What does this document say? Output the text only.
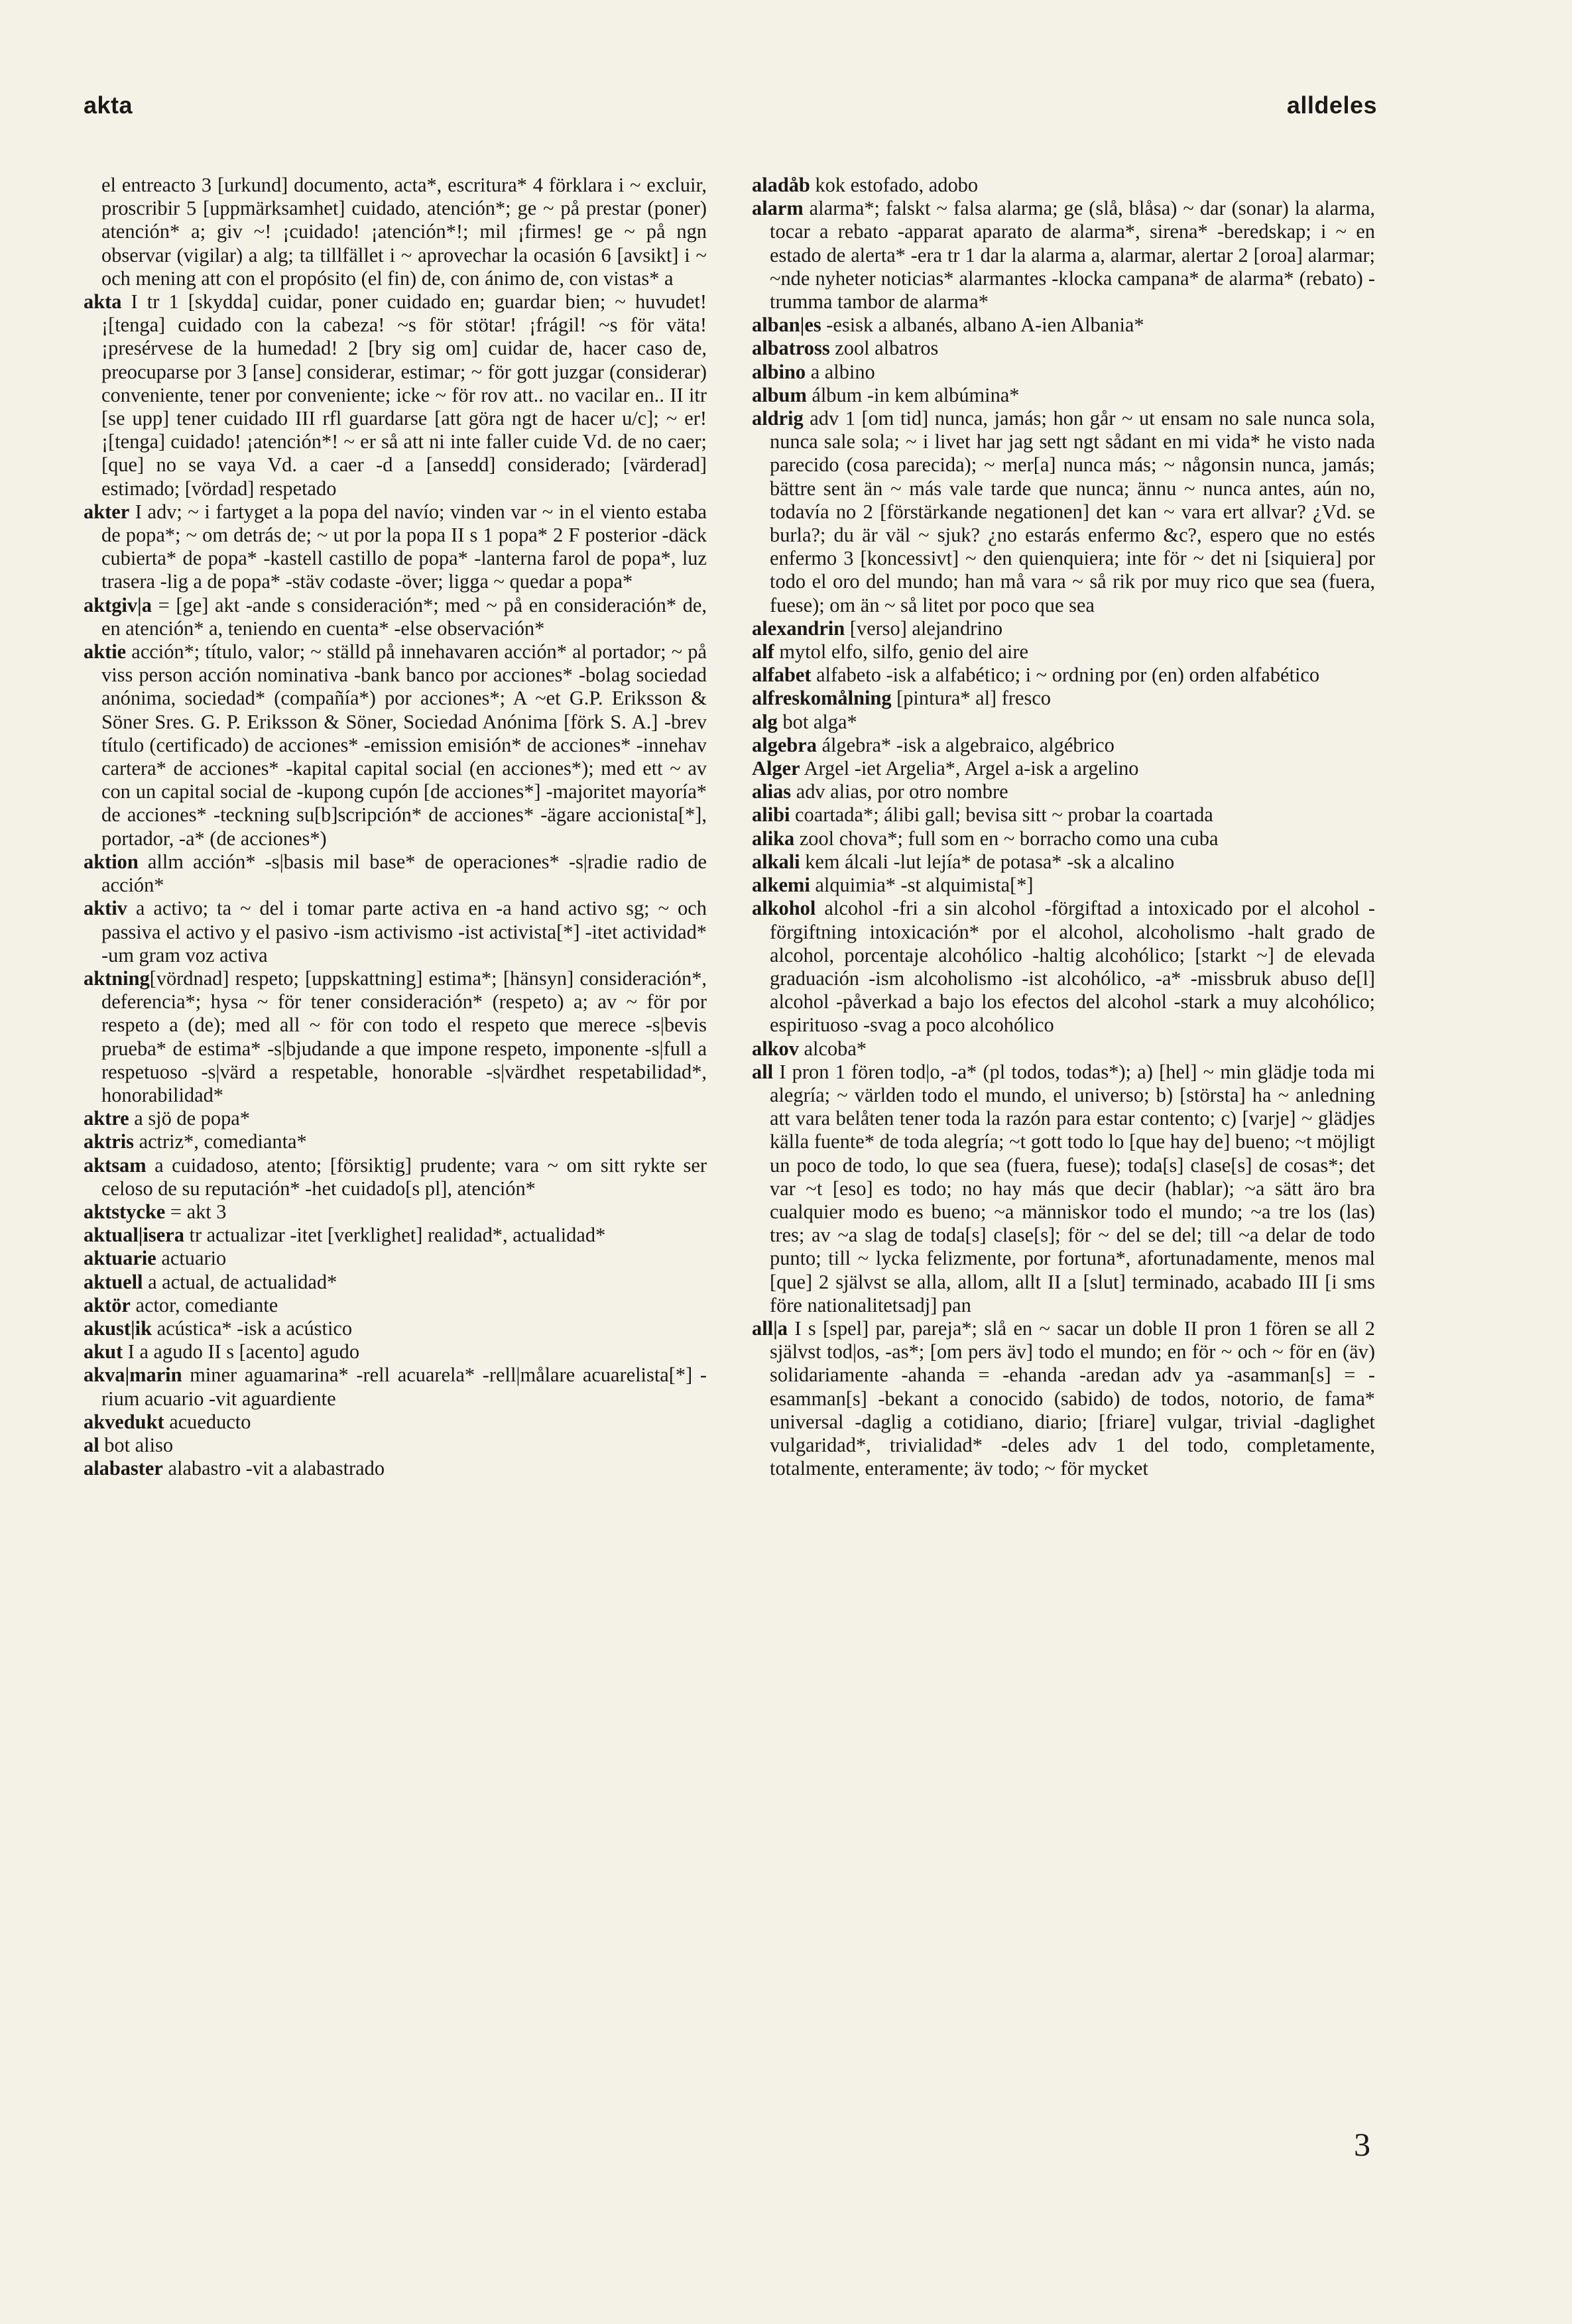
akta	alldeles

el entreacto 3 [urkund] documento, acta*, escritura* 4 förklara i ~ excluir, proscribir 5 [uppmärksamhet] cuidado, atención*; ge ~ på prestar (poner) atención* a; giv ~! ¡cuidado! ¡atención*!; mil ¡firmes! ge ~ på ngn observar (vigilar) a alg; ta tillfället i ~ aprovechar la ocasión 6 [avsikt] i ~ och mening att con el propósito (el fin) de, con ánimo de, con vistas* a

akta I tr 1 [skydda] cuidar, poner cuidado en; guardar bien; ~ huvudet! ¡[tenga] cuidado con la cabeza! ~s för stötar! ¡frágil! ~s för väta! ¡presérvese de la humedad! 2 [bry sig om] cuidar de, hacer caso de, preocuparse por 3 [anse] considerar, estimar; ~ för gott juzgar (considerar) conveniente, tener por conveniente; icke ~ för rov att.. no vacilar en.. II itr [se upp] tener cuidado III rfl guardarse [att göra ngt de hacer u/c]; ~ er! ¡[tenga] cuidado! ¡atención*! ~ er så att ni inte faller cuide Vd. de no caer; [que] no se vaya Vd. a caer -d a [ansedd] considerado; [värderad] estimado; [vördad] respetado

akter I adv; ~ i fartyget a la popa del navío; vinden var ~ in el viento estaba de popa*; ~ om detrás de; ~ ut por la popa II s 1 popa* 2 F posterior -däck cubierta* de popa* -kastell castillo de popa* -lanterna farol de popa*, luz trasera -lig a de popa* -stäv codaste -över; ligga ~ quedar a popa*

aktgiv|a = [ge] akt -ande s consideración*; med ~ på en consideración* de, en atención* a, teniendo en cuenta* -else observación*

aktie acción*; título, valor; ~ ställd på innehavaren acción* al portador; ~ på viss person acción nominativa -bank banco por acciones* -bolag sociedad anónima, sociedad* (compañía*) por acciones*; A ~et G.P. Eriksson & Söner Sres. G. P. Eriksson & Söner, Sociedad Anónima [förk S. A.] -brev título (certificado) de acciones* -emission emisión* de acciones* -innehav cartera* de acciones* -kapital capital social (en acciones*); med ett ~ av con un capital social de -kupong cupón [de acciones*] -majoritet mayoría* de acciones* -teckning su[b]scripción* de acciones* -ägare accionista[*], portador, -a* (de acciones*)

aktion allm acción* -s|basis mil base* de operaciones* -s|radie radio de acción*

aktiv a activo; ta ~ del i tomar parte activa en -a hand activo sg; ~ och passiva el activo y el pasivo -ism activismo -ist activista[*] -itet actividad* -um gram voz activa

aktning[vördnad] respeto; [uppskattning] estima*; [hänsyn] consideración*, deferencia*; hysa ~ för tener consideración* (respeto) a; av ~ för por respeto a (de); med all ~ för con todo el respeto que merece -s|bevis prueba* de estima* -s|bjudande a que impone respeto, imponente -s|full a respetuoso -s|värd a respetable, honorable -s|värdhet respetabilidad*, honorabilidad*

aktre a sjö de popa*

aktris actriz*, comedianta*

aktsam a cuidadoso, atento; [försiktig] prudente; vara ~ om sitt rykte ser celoso de su reputación* -het cuidado[s pl], atención*

aktstycke = akt 3

aktual|isera tr actualizar -itet [verklighet] realidad*, actualidad*

aktuarie actuario

aktuell a actual, de actualidad*

aktör actor, comediante

akust|ik acústica* -isk a acústico

akut I a agudo II s [acento] agudo

akva|marin miner aguamarina* -rell acuarela* -rell|målare acuarelista[*] -rium acuario -vit aguardiente

akvedukt acueducto

al bot aliso

alabaster alabastro -vit a alabastrado

aladåb kok estofado, adobo

alarm alarma*; falskt ~ falsa alarma; ge (slå, blåsa) ~ dar (sonar) la alarma, tocar a rebato -apparat aparato de alarma*, sirena* -beredskap; i ~ en estado de alerta* -era tr 1 dar la alarma a, alarmar, alertar 2 [oroa] alarmar; ~nde nyheter noticias* alarmantes -klocka campana* de alarma* (rebato) -trumma tambor de alarma*

alban|es -esisk a albanés, albano A-ien Albania*

albatross zool albatros

albino a albino

album álbum -in kem albúmina*

aldrig adv 1 [om tid] nunca, jamás; hon går ~ ut ensam no sale nunca sola, nunca sale sola; ~ i livet har jag sett ngt sådant en mi vida* he visto nada parecido (cosa parecida); ~ mer[a] nunca más; ~ någonsin nunca, jamás; bättre sent än ~ más vale tarde que nunca; ännu ~ nunca antes, aún no, todavía no 2 [förstärkande negationen] det kan ~ vara ert allvar? ¿Vd. se burla?; du är väl ~ sjuk? ¿no estarás enfermo &c?, espero que no estés enfermo 3 [koncessivt] ~ den quienquiera; inte för ~ det ni [siquiera] por todo el oro del mundo; han må vara ~ så rik por muy rico que sea (fuera, fuese); om än ~ så litet por poco que sea

alexandrin [verso] alejandrino

alf mytol elfo, silfo, genio del aire

alfabet alfabeto -isk a alfabético; i ~ ordning por (en) orden alfabético

alfreskomålning [pintura* al] fresco

alg bot alga*

algebra álgebra* -isk a algebraico, algébrico

Alger Argel -iet Argelia*, Argel a-isk a argelino

alias adv alias, por otro nombre

alibi coartada*; álibi gall; bevisa sitt ~ probar la coartada

alika zool chova*; full som en ~ borracho como una cuba

alkali kem álcali -lut lejía* de potasa* -sk a alcalino

alkemi alquimia* -st alquimista[*]

alkohol alcohol -fri a sin alcohol -förgiftad a intoxicado por el alcohol -förgiftning intoxicación* por el alcohol, alcoholismo -halt grado de alcohol, porcentaje alcohólico -haltig alcohólico; [starkt ~] de elevada graduación -ism alcoholismo -ist alcohólico, -a* -missbruk abuso de[l] alcohol -påverkad a bajo los efectos del alcohol -stark a muy alcohólico; espirituoso -svag a poco alcohólico

alkov alcoba*

all I pron 1 fören tod|o, -a* (pl todos, todas*); a) [hel] ~ min glädje toda mi alegría; ~ världen todo el mundo, el universo; b) [största] ha ~ anledning att vara belåten tener toda la razón para estar contento; c) [varje] ~ glädjes källa fuente* de toda alegría; ~t gott todo lo [que hay de] bueno; ~t möjligt un poco de todo, lo que sea (fuera, fuese); toda[s] clase[s] de cosas*; det var ~t [eso] es todo; no hay más que decir (hablar); ~a sätt äro bra cualquier modo es bueno; ~a människor todo el mundo; ~a tre los (las) tres; av ~a slag de toda[s] clase[s]; för ~ del se del; till ~a delar de todo punto; till ~ lycka felizmente, por fortuna*, afortunadamente, menos mal [que] 2 självst se alla, allom, allt II a [slut] terminado, acabado III [i sms före nationalitetsadj] pan

all|a I s [spel] par, pareja*; slå en ~ sacar un doble II pron 1 fören se all 2 självst tod|os, -as*; [om pers äv] todo el mundo; en för ~ och ~ för en (äv) solidariamente -ahanda = -ehanda -aredan adv ya -asamman[s] = -esamman[s] -bekant a conocido (sabido) de todos, notorio, de fama* universal -daglig a cotidiano, diario; [friare] vulgar, trivial -daglighet vulgaridad*, trivialidad* -deles adv 1 del todo, completamente, totalmente, enteramente; äv todo; ~ för mycket

3
